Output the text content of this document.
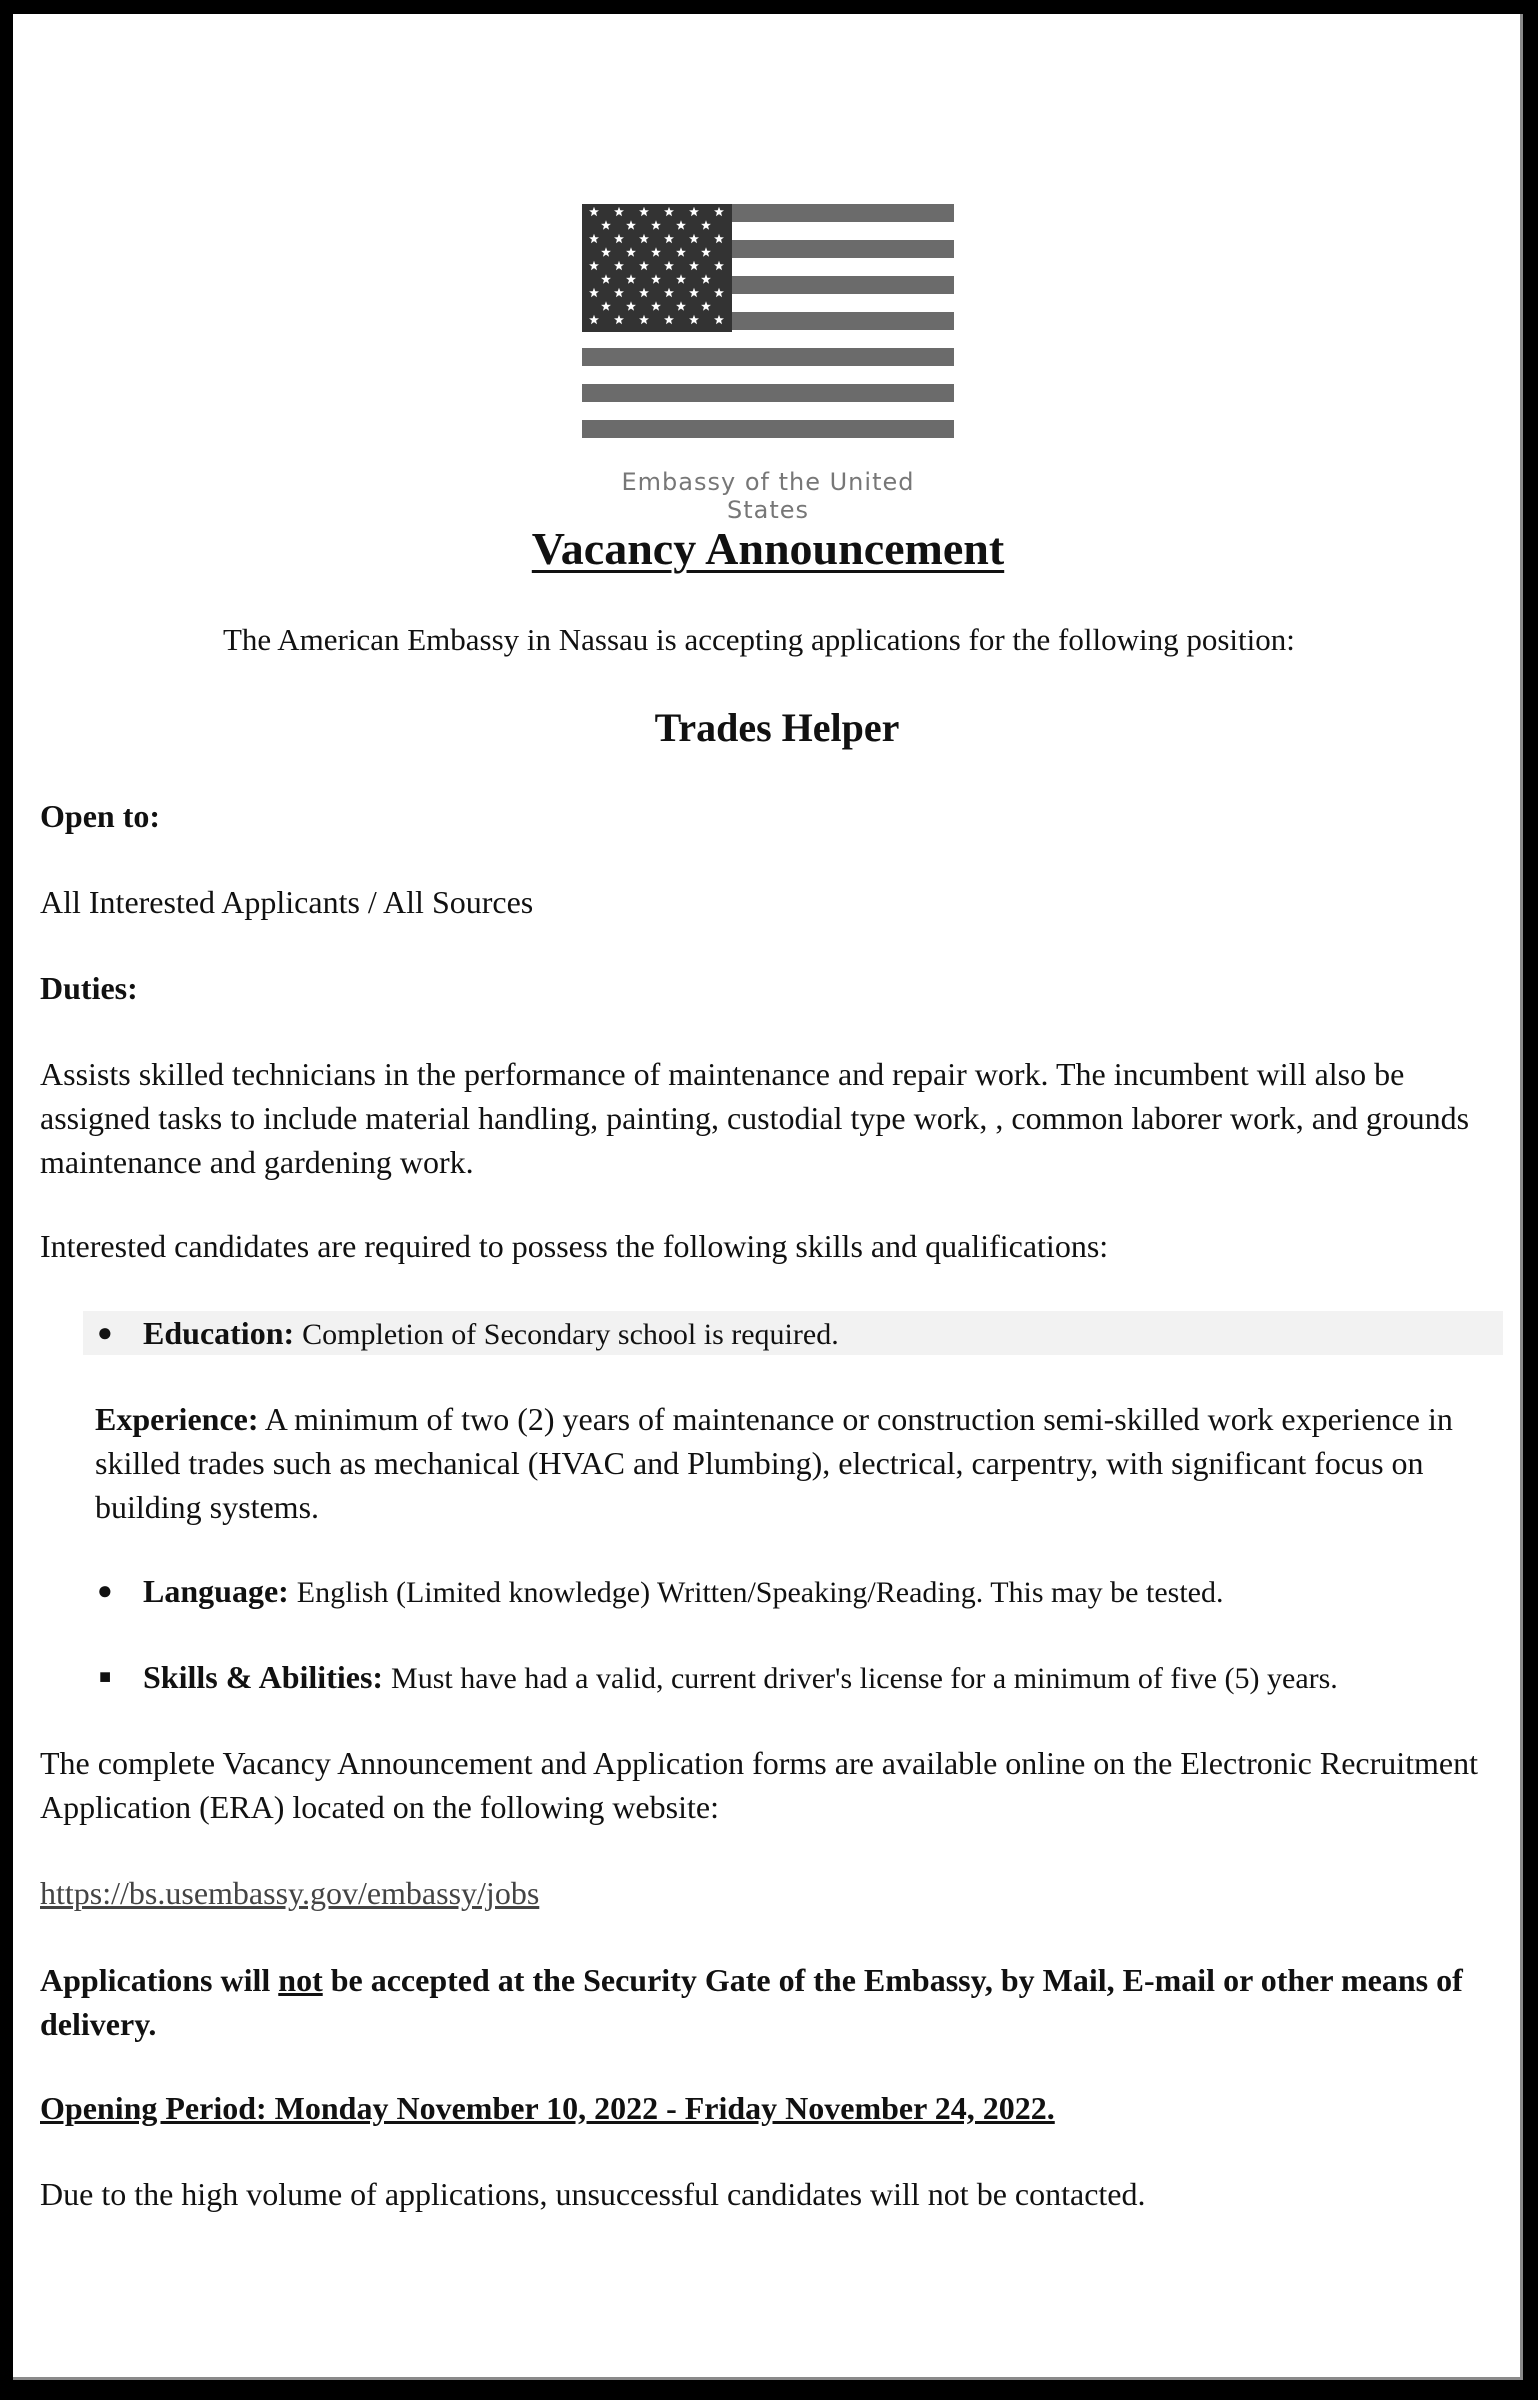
Embassy of the United States
Vacancy Announcement
The American Embassy in Nassau is accepting applications for the following position:
Trades Helper
Open to:
All Interested Applicants / All Sources
Duties:
Assists skilled technicians in the performance of maintenance and repair work. The incumbent will also be assigned tasks to include material handling, painting, custodial type work, , common laborer work, and grounds maintenance and gardening work.
Interested candidates are required to possess the following skills and qualifications:
● Education: Completion of Secondary school is required.
Experience: A minimum of two (2) years of maintenance or construction semi-skilled work experience in skilled trades such as mechanical (HVAC and Plumbing), electrical, carpentry, with significant focus on building systems.
● Language: English (Limited knowledge) Written/Speaking/Reading. This may be tested.
■ Skills & Abilities: Must have had a valid, current driver's license for a minimum of five (5) years.
The complete Vacancy Announcement and Application forms are available online on the Electronic Recruitment Application (ERA) located on the following website:
https://bs.usembassy.gov/embassy/jobs
Applications will not be accepted at the Security Gate of the Embassy, by Mail, E-mail or other means of delivery.
Opening Period: Monday November 10, 2022 - Friday November 24, 2022.
Due to the high volume of applications, unsuccessful candidates will not be contacted.
